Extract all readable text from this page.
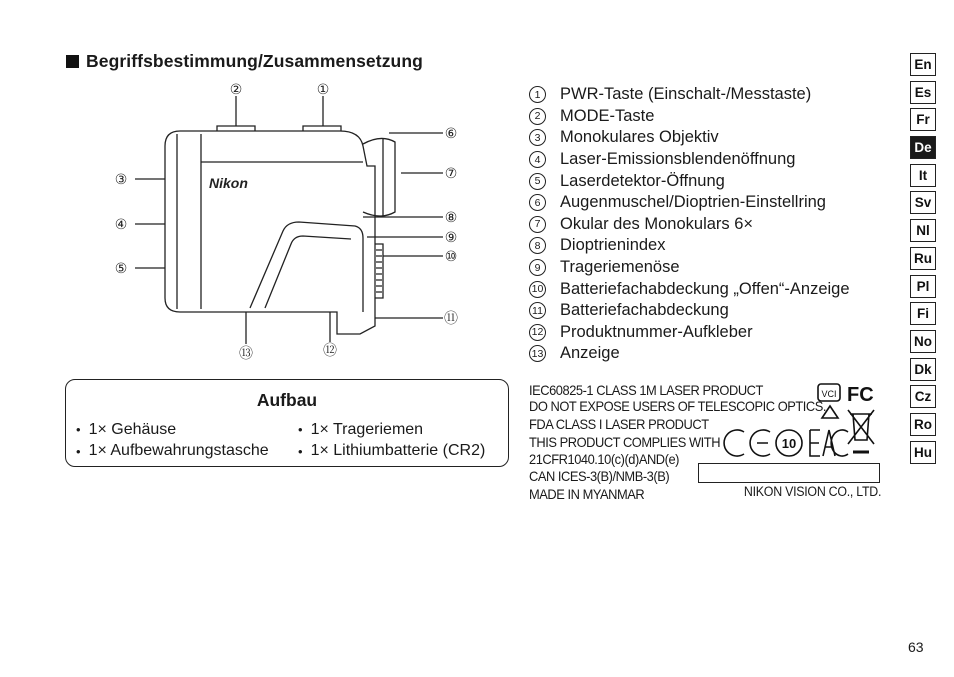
Begriffsbestimmung/Zusammensetzung
Nikon
②	①
⑥
⑦
⑧
⑨
⑩
⑪
③
④
⑤
⑬	⑫
1	PWR-Taste (Einschalt-/Messtaste)
2	MODE-Taste
3	Monokulares Objektiv
4	Laser-Emissionsblendenöffnung
5	Laserdetektor-Öffnung
6	Augenmuschel/Dioptrien-Einstellring
7	Okular des Monokulars 6×
8	Dioptrienindex
9	Trageriemenöse
10 Batteriefachabdeckung „Offen“-Anzeige
11 Batteriefachabdeckung
12 Produktnummer-Aufkleber
13 Anzeige
Aufbau
• 1× Gehäuse
• 1× Aufbewahrungstasche
• 1× Trageriemen
• 1× Lithiumbatterie (CR2)
IEC60825-1 CLASS 1M LASER PRODUCT
DO NOT EXPOSE USERS OF TELESCOPIC OPTICS.
FDA CLASS I LASER PRODUCT
THIS PRODUCT COMPLIES WITH
21CFR1040.10(c)(d)AND(e)
CAN ICES-3(B)/NMB-3(B)
MADE IN MYANMAR	NIKON VISION CO., LTD.
VCI FC
10
En
Es
Fr
De
It
Sv
Nl
Ru
Pl
Fi
No
Dk
Cz
Ro
Hu
63
